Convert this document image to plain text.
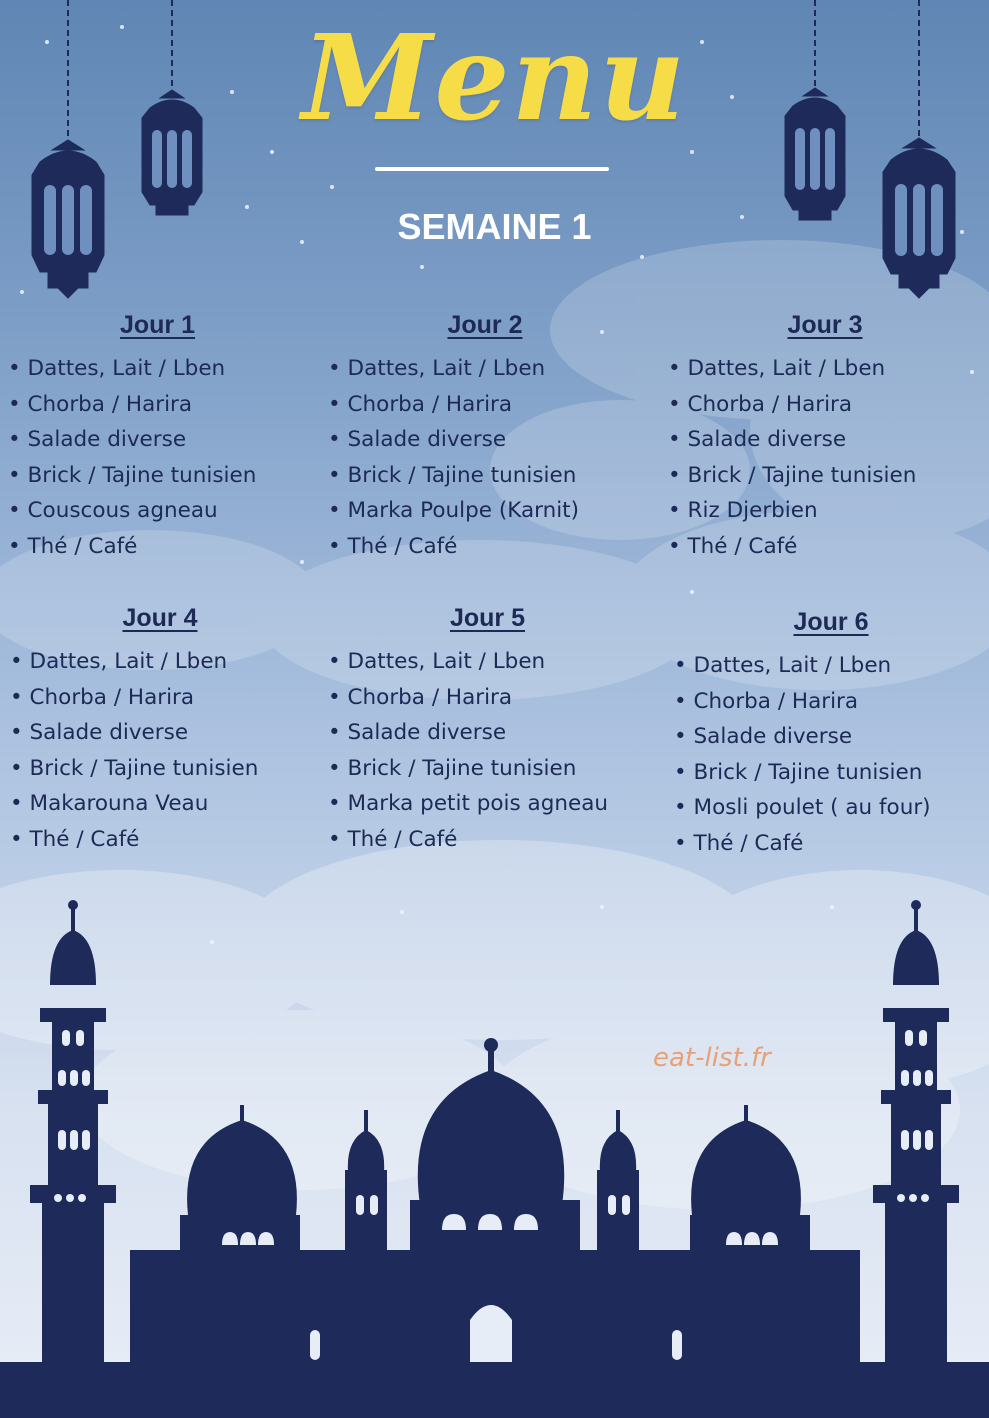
Menu
SEMAINE 1
Jour 1
• Dattes, Lait / Lben
• Chorba / Harira
• Salade diverse
• Brick / Tajine tunisien
• Couscous agneau
• Thé / Café
Jour 2
• Dattes, Lait / Lben
• Chorba / Harira
• Salade diverse
• Brick / Tajine tunisien
• Marka Poulpe (Karnit)
• Thé / Café
Jour 3
• Dattes, Lait / Lben
• Chorba / Harira
• Salade diverse
• Brick / Tajine tunisien
• Riz Djerbien
• Thé / Café
Jour 4
• Dattes, Lait / Lben
• Chorba / Harira
• Salade diverse
• Brick / Tajine tunisien
• Makarouna Veau
• Thé / Café
Jour 5
• Dattes, Lait / Lben
• Chorba / Harira
• Salade diverse
• Brick / Tajine tunisien
• Marka petit pois agneau
• Thé / Café
Jour 6
• Dattes, Lait / Lben
• Chorba / Harira
• Salade diverse
• Brick / Tajine tunisien
• Mosli poulet ( au four)
• Thé / Café
eat-list.fr
